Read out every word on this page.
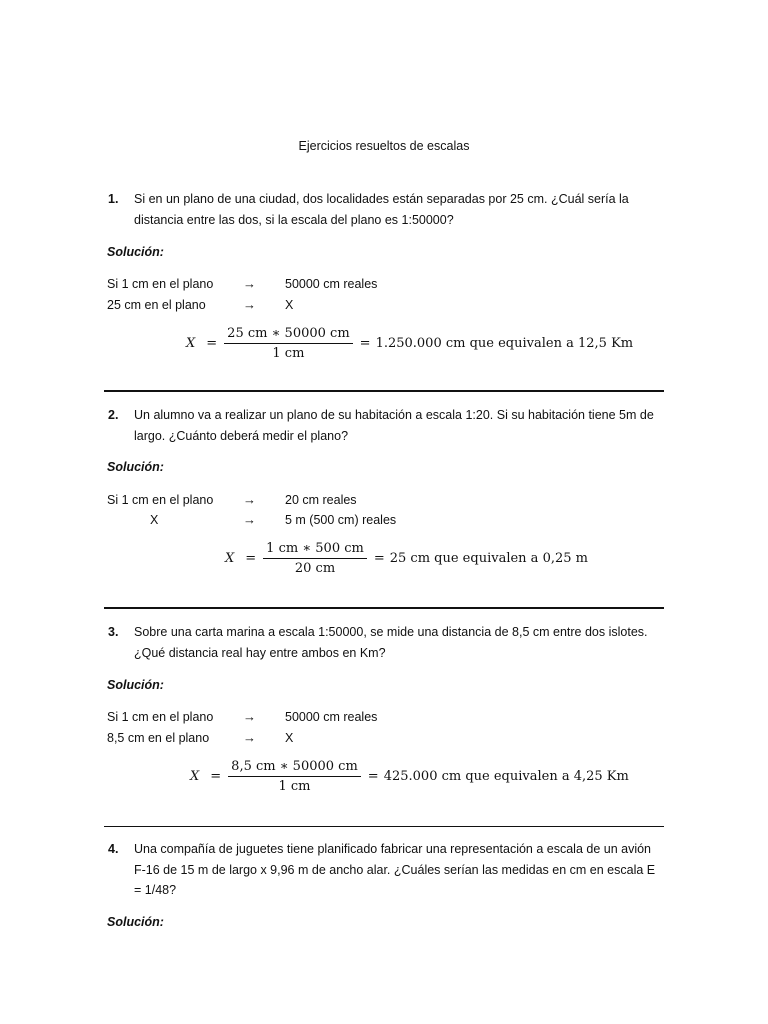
Ejercicios resueltos de escalas
1.	Si en un plano de una ciudad, dos localidades están separadas por 25 cm. ¿Cuál sería la distancia entre las dos, si la escala del plano es 1:50000?
Solución:
Si 1 cm en el plano → 50000 cm reales
25 cm en el plano	→ X
$X = \frac{25 cm ∗ 50000 cm}{1 cm} = 1.250.000$ cm que equivalen a 12,5 Km
2.	Un alumno va a realizar un plano de su habitación a escala 1:20. Si su habitación tiene 5m de largo. ¿Cuánto deberá medir el plano?
Solución:
Si 1 cm en el plano → 20 cm reales
X	→ 5 m (500 cm) reales
$X = \frac{1 cm ∗ 500 cm}{20 cm} = 25$ cm que equivalen a 0,25 m
3.	Sobre una carta marina a escala 1:50000, se mide una distancia de 8,5 cm entre dos islotes. ¿Qué distancia real hay entre ambos en Km?
Solución:
Si 1 cm en el plano → 50000 cm reales
8,5 cm en el plano	→ X
$X = \frac{8,5 cm ∗ 50000 cm}{1 cm} = 425.000$ cm que equivalen a 4,25 Km
4.	Una compañía de juguetes tiene planificado fabricar una representación a escala de un avión F-16 de 15 m de largo x 9,96 m de ancho alar. ¿Cuáles serían las medidas en cm en escala E = 1/48?
Solución:
